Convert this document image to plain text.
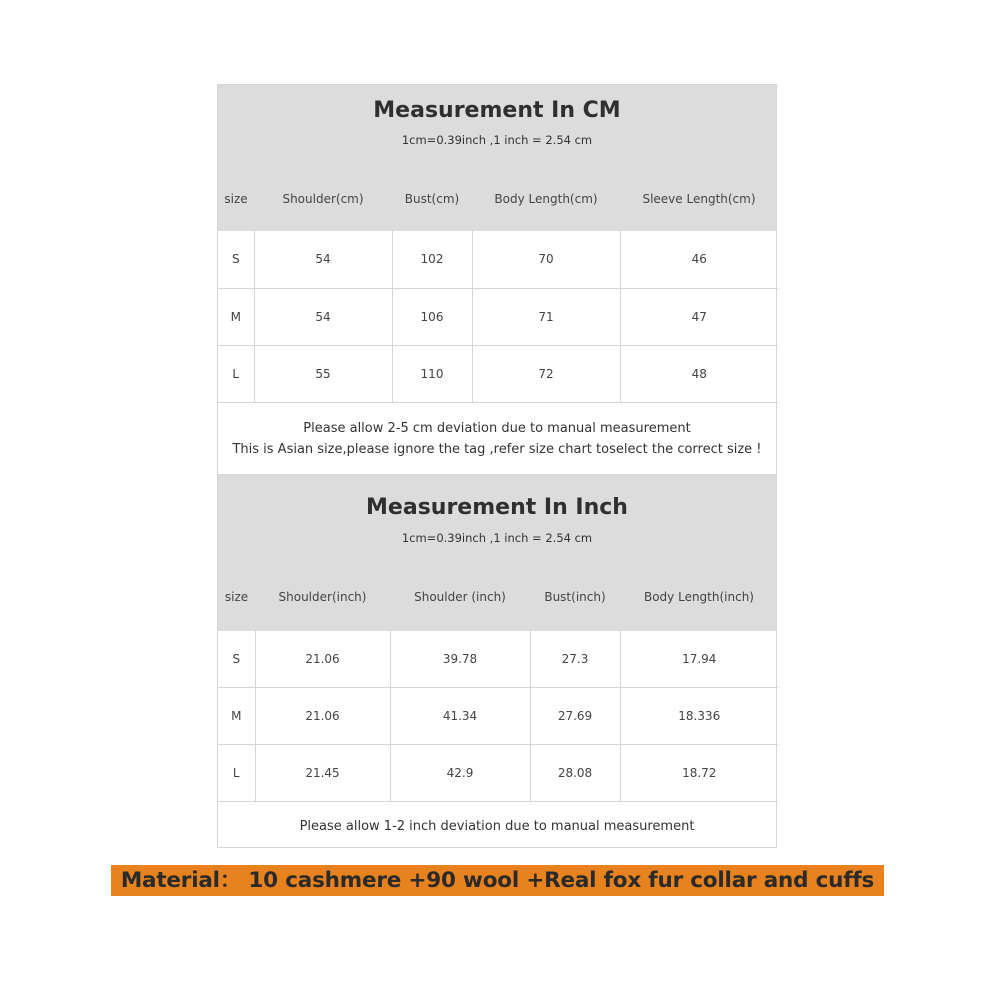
Measurement In CM
1cm=0.39inch ,1 inch = 2.54 cm
size	Shoulder(cm)	Bust(cm)	Body Length(cm)	Sleeve Length(cm)
S	54	102	70	46
M	54	106	71	47
L	55	110	72	48
Please allow 2-5 cm deviation due to manual measurement
This is Asian size,please ignore the tag ,refer size chart toselect the correct size !
Measurement In Inch
1cm=0.39inch ,1 inch = 2.54 cm
size	Shoulder(inch)	Shoulder (inch)	Bust(inch)	Body Length(inch)
S	21.06	39.78	27.3	17.94
M	21.06	41.34	27.69	18.336
L	21.45	42.9	28.08	18.72
Please allow 1-2 inch deviation due to manual measurement
Material： 10 cashmere +90 wool +Real fox fur collar and cuffs
